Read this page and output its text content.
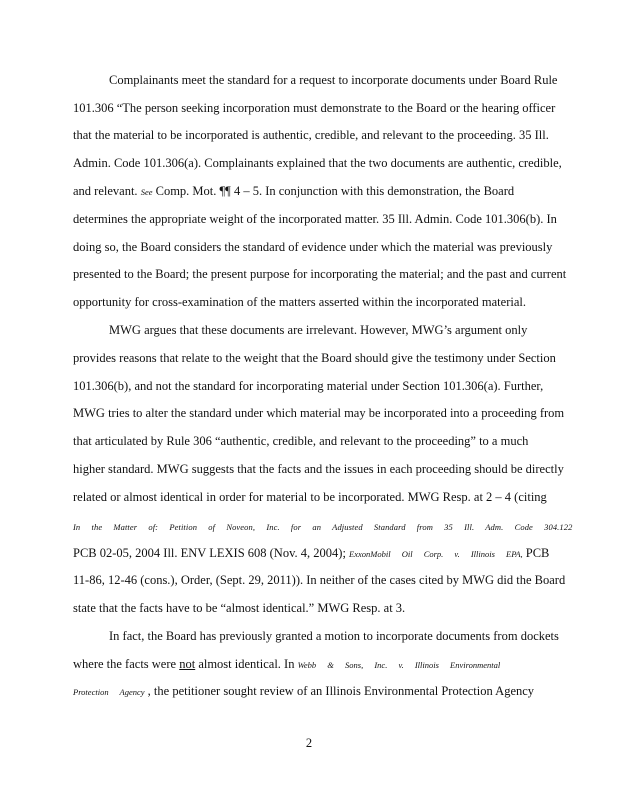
Complainants meet the standard for a request to incorporate documents under Board Rule
101.306 “The person seeking incorporation must demonstrate to the Board or the hearing officer
that the material to be incorporated is authentic, credible, and relevant to the proceeding. 35 Ill.
Admin. Code 101.306(a). Complainants explained that the two documents are authentic, credible,
and relevant. See Comp. Mot. ¶¶ 4 – 5. In conjunction with this demonstration, the Board
determines the appropriate weight of the incorporated matter. 35 Ill. Admin. Code 101.306(b). In
doing so, the Board considers the standard of evidence under which the material was previously
presented to the Board; the present purpose for incorporating the material; and the past and current
opportunity for cross-examination of the matters asserted within the incorporated material.
MWG argues that these documents are irrelevant. However, MWG’s argument only
provides reasons that relate to the weight that the Board should give the testimony under Section
101.306(b), and not the standard for incorporating material under Section 101.306(a). Further,
MWG tries to alter the standard under which material may be incorporated into a proceeding from
that articulated by Rule 306 “authentic, credible, and relevant to the proceeding” to a much
higher standard. MWG suggests that the facts and the issues in each proceeding should be directly
related or almost identical in order for material to be incorporated. MWG Resp. at 2 – 4 (citing
In the Matter of: Petition of Noveon, Inc. for an Adjusted Standard from 35 Ill. Adm. Code 304.122
PCB 02-05, 2004 Ill. ENV LEXIS 608 (Nov. 4, 2004); ExxonMobil Oil Corp. v. Illinois EPA, PCB
11-86, 12-46 (cons.), Order, (Sept. 29, 2011)). In neither of the cases cited by MWG did the Board
state that the facts have to be “almost identical.” MWG Resp. at 3.
In fact, the Board has previously granted a motion to incorporate documents from dockets
where the facts were not almost identical. In Webb & Sons, Inc. v. Illinois Environmental
Protection Agency , the petitioner sought review of an Illinois Environmental Protection Agency
2
